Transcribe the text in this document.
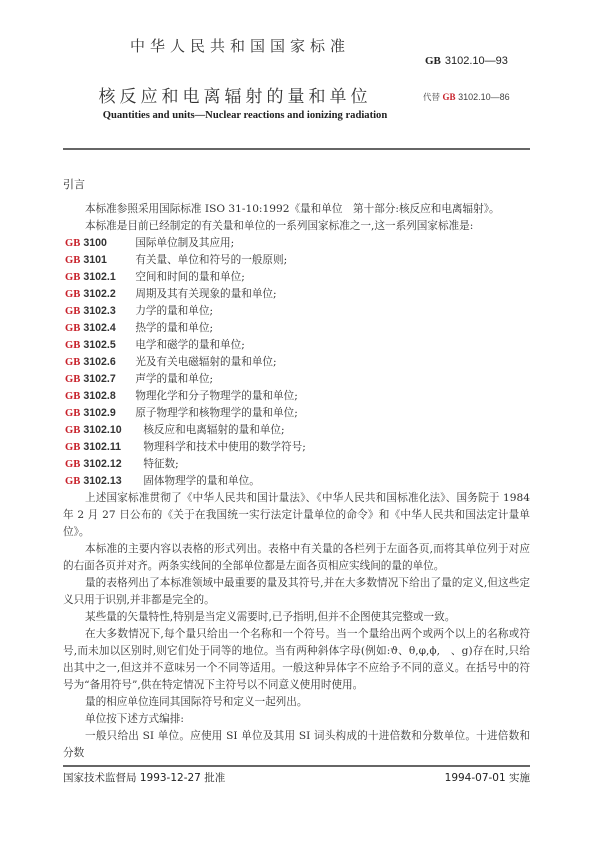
中华人民共和国国家标准
GB 3102.10—93
核反应和电离辐射的量和单位	代替 GB 3102.10—86
Quantities and units—Nuclear reactions and ionizing radiation
引言

本标准参照采用国际标准 ISO 31-10:1992《量和单位　第十部分:核反应和电离辐射》。

本标准是目前已经制定的有关量和单位的一系列国家标准之一,这一系列国家标准是:

GB 3100	国际单位制及其应用;
GB 3101	有关量、单位和符号的一般原则;
GB 3102.1 空间和时间的量和单位;
GB 3102.2 周期及其有关现象的量和单位;
GB 3102.3 力学的量和单位;
GB 3102.4 热学的量和单位;
GB 3102.5 电学和磁学的量和单位;
GB 3102.6 光及有关电磁辐射的量和单位;
GB 3102.7 声学的量和单位;
GB 3102.8 物理化学和分子物理学的量和单位;
GB 3102.9 原子物理学和核物理学的量和单位;
GB 3102.10 核反应和电离辐射的量和单位;
GB 3102.11 物理科学和技术中使用的数学符号;
GB 3102.12 特征数;
GB 3102.13 固体物理学的量和单位。

上述国家标准贯彻了《中华人民共和国计量法》、《中华人民共和国标准化法》、国务院于 1984 年 2 月 27 日公布的《关于在我国统一实行法定计量单位的命令》和《中华人民共和国法定计量单位》。

本标准的主要内容以表格的形式列出。表格中有关量的各栏列于左面各页,而将其单位列于对应的右面各页并对齐。两条实线间的全部单位都是左面各页相应实线间的量的单位。

量的表格列出了本标准领域中最重要的量及其符号,并在大多数情况下给出了量的定义,但这些定义只用于识别,并非都是完全的。

某些量的矢量特性,特别是当定义需要时,已予指明,但并不企图使其完整或一致。

在大多数情况下,每个量只给出一个名称和一个符号。当一个量给出两个或两个以上的名称或符号,而未加以区别时,则它们处于同等的地位。当有两种斜体字母(例如:ϑ、θ,φ,ϕ,　、g)存在时,只给出其中之一,但这并不意味另一个不同等适用。一般这种异体字不应给予不同的意义。在括号中的符号为“备用符号”,供在特定情况下主符号以不同意义使用时使用。

量的相应单位连同其国际符号和定义一起列出。

单位按下述方式编排:

一般只给出 SI 单位。应使用 SI 单位及其用 SI 词头构成的十进倍数和分数单位。十进倍数和分数

国家技术监督局 1993-12-27 批准	1994-07-01 实施
